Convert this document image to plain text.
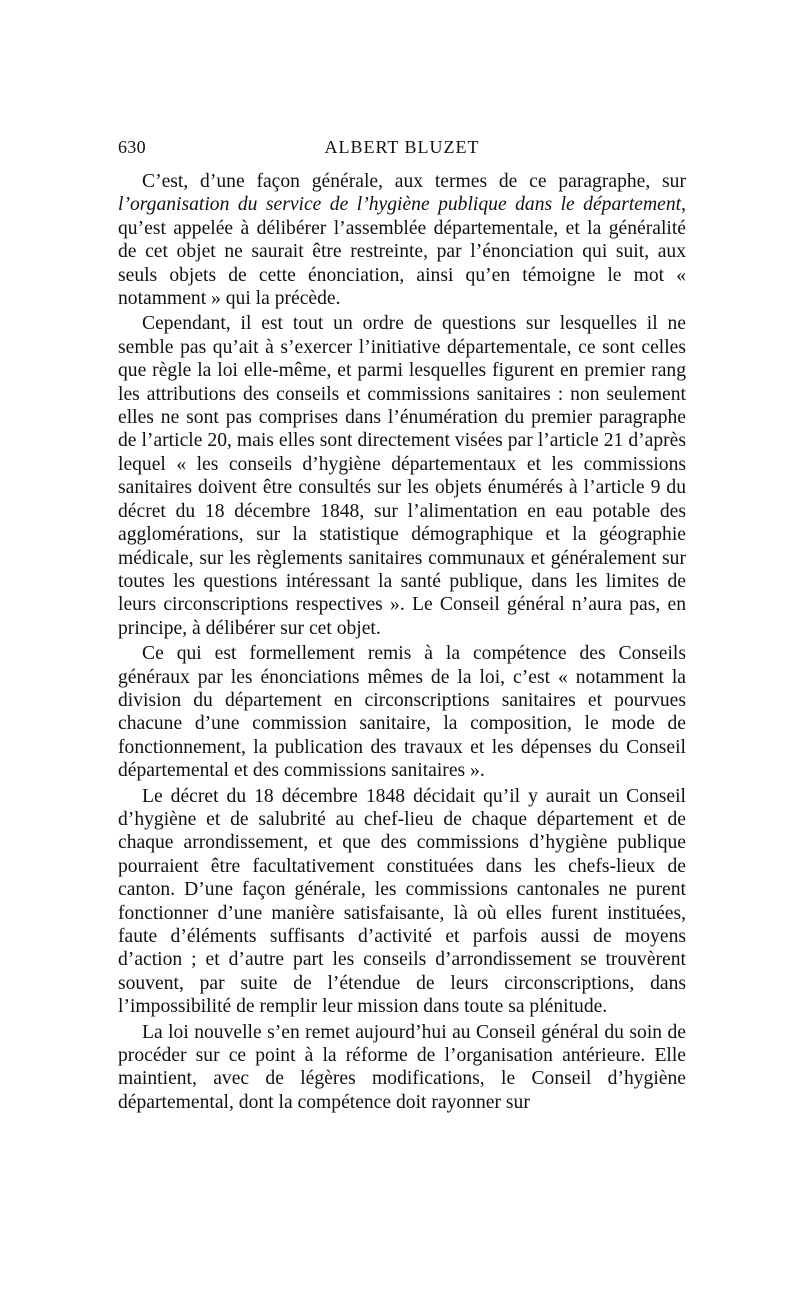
630	ALBERT BLUZET

C’est, d’une façon générale, aux termes de ce paragraphe, sur l’organisation du service de l’hygiène publique dans le département, qu’est appelée à délibérer l’assemblée départementale, et la généralité de cet objet ne saurait être restreinte, par l’énonciation qui suit, aux seuls objets de cette énonciation, ainsi qu’en témoigne le mot « notamment » qui la précède.

Cependant, il est tout un ordre de questions sur lesquelles il ne semble pas qu’ait à s’exercer l’initiative départementale, ce sont celles que règle la loi elle-même, et parmi lesquelles figurent en premier rang les attributions des conseils et commissions sanitaires : non seulement elles ne sont pas comprises dans l’énumération du premier paragraphe de l’article 20, mais elles sont directement visées par l’article 21 d’après lequel « les conseils d’hygiène départementaux et les commissions sanitaires doivent être consultés sur les objets énumérés à l’article 9 du décret du 18 décembre 1848, sur l’alimentation en eau potable des agglomérations, sur la statistique démographique et la géographie médicale, sur les règlements sanitaires communaux et généralement sur toutes les questions intéressant la santé publique, dans les limites de leurs circonscriptions respectives ». Le Conseil général n’aura pas, en principe, à délibérer sur cet objet.

Ce qui est formellement remis à la compétence des Conseils généraux par les énonciations mêmes de la loi, c’est « notamment la division du département en circonscriptions sanitaires et pourvues chacune d’une commission sanitaire, la composition, le mode de fonctionnement, la publication des travaux et les dépenses du Conseil départemental et des commissions sanitaires ».

Le décret du 18 décembre 1848 décidait qu’il y aurait un Conseil d’hygiène et de salubrité au chef-lieu de chaque département et de chaque arrondissement, et que des commissions d’hygiène publique pourraient être facultativement constituées dans les chefs-lieux de canton. D’une façon générale, les commissions cantonales ne purent fonctionner d’une manière satisfaisante, là où elles furent instituées, faute d’éléments suffisants d’activité et parfois aussi de moyens d’action ; et d’autre part les conseils d’arrondissement se trouvèrent souvent, par suite de l’étendue de leurs circonscriptions, dans l’impossibilité de remplir leur mission dans toute sa plénitude.

La loi nouvelle s’en remet aujourd’hui au Conseil général du soin de procéder sur ce point à la réforme de l’organisation antérieure. Elle maintient, avec de légères modifications, le Conseil d’hygiène départemental, dont la compétence doit rayonner sur
